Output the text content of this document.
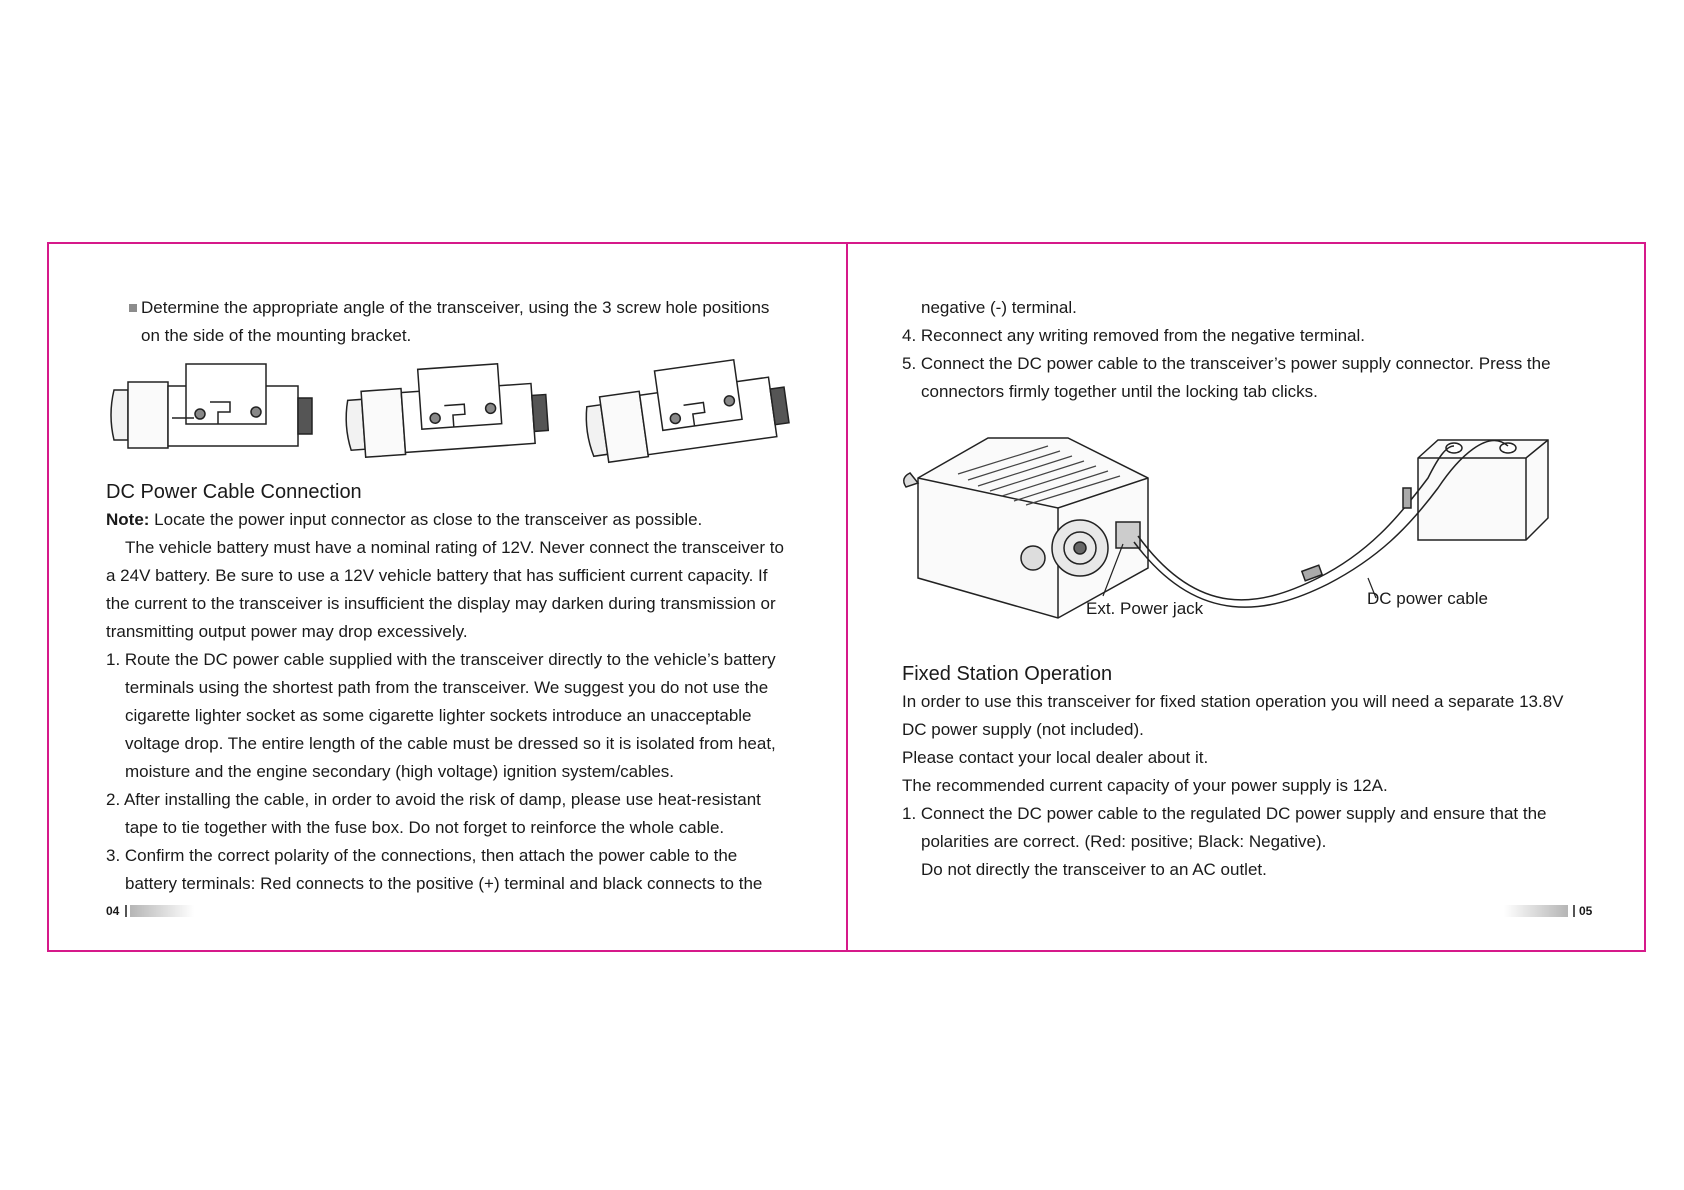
Determine the appropriate angle of the transceiver, using the 3 screw hole positions
on the side of the mounting bracket.
DC Power Cable Connection
Note: Locate the power input connector as close to the transceiver as possible.
The vehicle battery must have a nominal rating of 12V. Never connect the transceiver to
a 24V battery. Be sure to use a 12V vehicle battery that has sufficient current capacity. If
the current to the transceiver is insufficient the display may darken during transmission or
transmitting output power may drop excessively.
1. Route the DC power cable supplied with the transceiver directly to the vehicle’s battery
terminals using the shortest path from the transceiver. We suggest you do not use the
cigarette lighter socket as some cigarette lighter sockets introduce an unacceptable
voltage drop. The entire length of the cable must be dressed so it is isolated from heat,
moisture and the engine secondary (high voltage) ignition system/cables.
2. After installing the cable, in order to avoid the risk of damp, please use heat-resistant
tape to tie together with the fuse box. Do not forget to reinforce the whole cable.
3. Confirm the correct polarity of the connections, then attach the power cable to the
battery terminals: Red connects to the positive (+) terminal and black connects to the
04
negative (-) terminal.
4. Reconnect any writing removed from the negative terminal.
5. Connect the DC power cable to the transceiver’s power supply connector. Press the
connectors firmly together until the locking tab clicks.
Ext. Power jack
DC power cable
Fixed Station Operation
In order to use this transceiver for fixed station operation you will need a separate 13.8V
DC power supply (not included).
Please contact your local dealer about it.
The recommended current capacity of your power supply is 12A.
1. Connect the DC power cable to the regulated DC power supply and ensure that the
polarities are correct. (Red: positive; Black: Negative).
Do not directly the transceiver to an AC outlet.
05
